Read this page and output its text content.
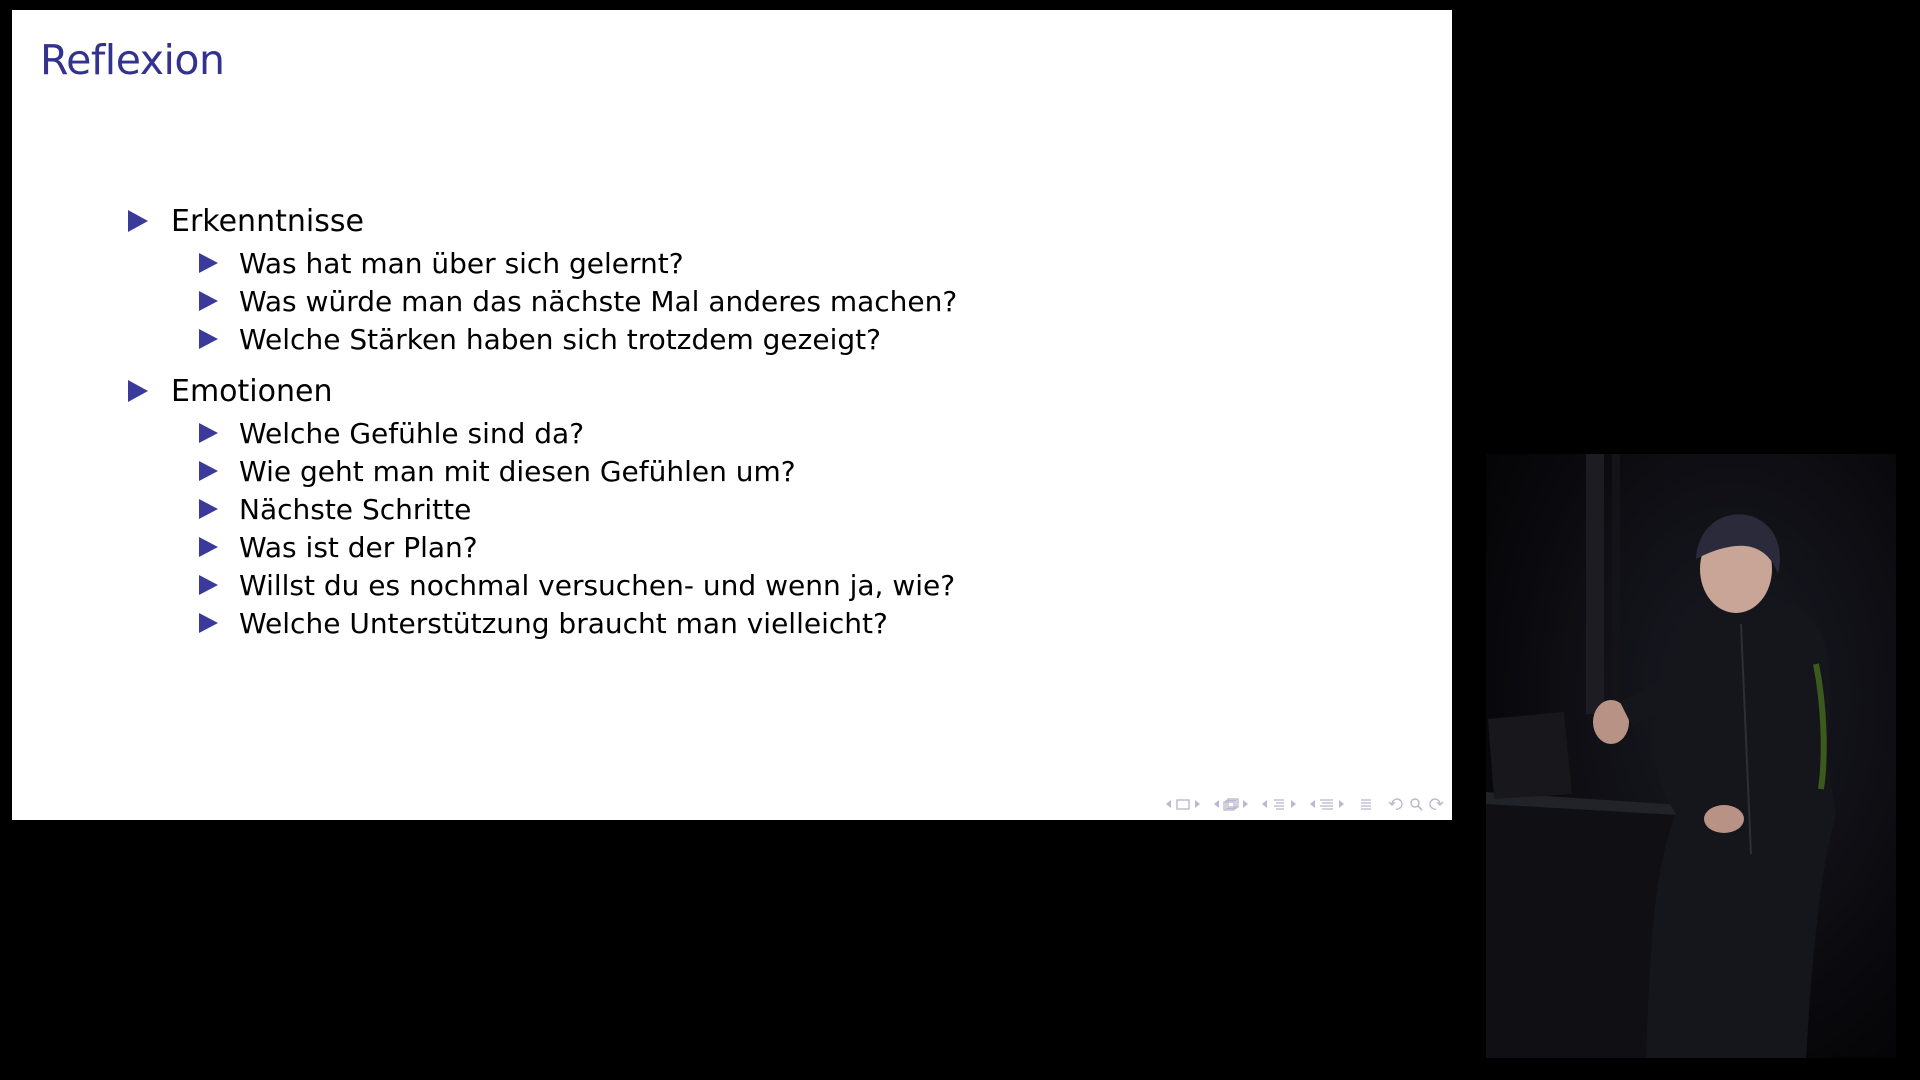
Reflexion
Erkenntnisse
Was hat man über sich gelernt?
Was würde man das nächste Mal anderes machen?
Welche Stärken haben sich trotzdem gezeigt?
Emotionen
Welche Gefühle sind da?
Wie geht man mit diesen Gefühlen um?
Nächste Schritte
Was ist der Plan?
Willst du es nochmal versuchen- und wenn ja, wie?
Welche Unterstützung braucht man vielleicht?
